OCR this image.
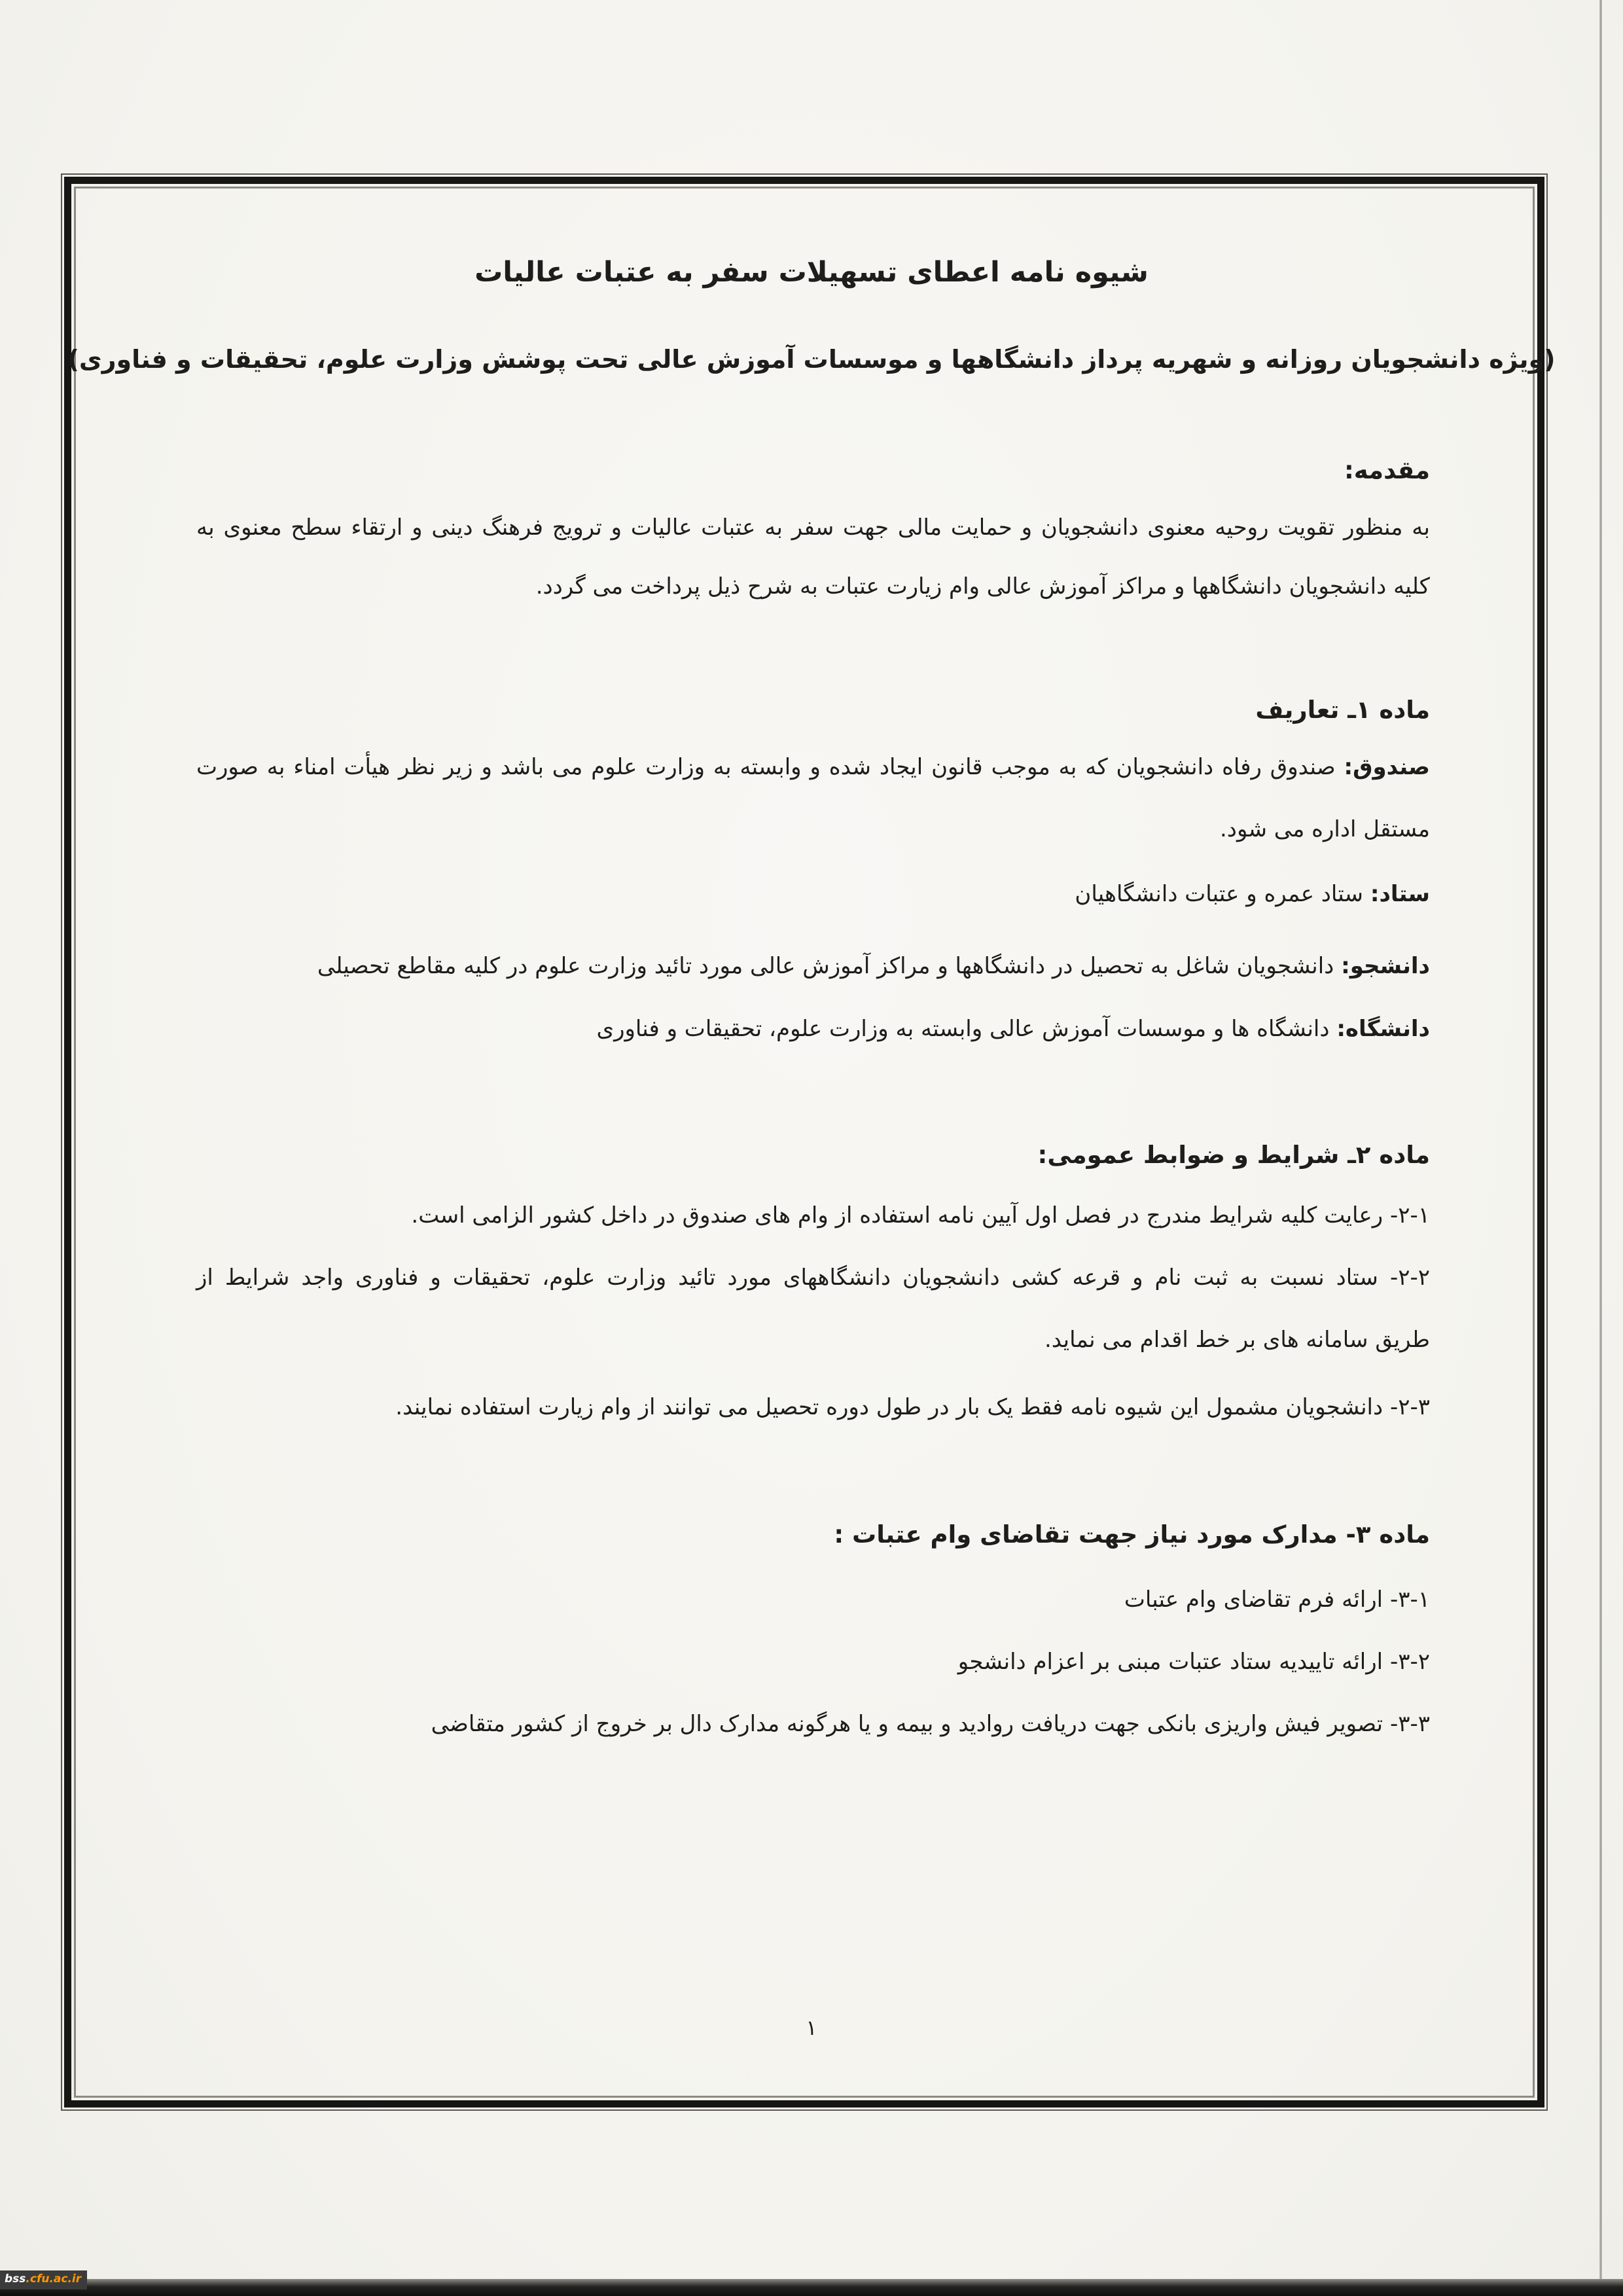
شیوه نامه اعطای تسهیلات سفر به عتبات عالیات
(ویژه دانشجویان روزانه و شهریه پرداز دانشگاهها و موسسات آموزش عالی تحت پوشش وزارت علوم، تحقیقات و فناوری)
مقدمه:
به منظور تقویت روحیه معنوی دانشجویان و حمایت مالی جهت سفر به عتبات عالیات و ترویج فرهنگ دینی و ارتقاء سطح معنوی به
کلیه دانشجویان دانشگاهها و مراکز آموزش عالی وام زیارت عتبات به شرح ذیل پرداخت می گردد.
ماده ۱ـ تعاریف
صندوق: صندوق رفاه دانشجویان که به موجب قانون ایجاد شده و وابسته به وزارت علوم می باشد و زیر نظر هیأت امناء به صورت
مستقل اداره می شود.
ستاد: ستاد عمره و عتبات دانشگاهیان
دانشجو: دانشجویان شاغل به تحصیل در دانشگاهها و مراکز آموزش عالی مورد تائید وزارت علوم در کلیه مقاطع تحصیلی
دانشگاه: دانشگاه ها و موسسات آموزش عالی وابسته به وزارت علوم، تحقیقات و فناوری
ماده ۲ـ شرایط و ضوابط عمومی:
۱-۲- رعایت کلیه شرایط مندرج در فصل اول آیین نامه استفاده از وام های صندوق در داخل کشور الزامی است.
۲-۲- ستاد نسبت به ثبت نام و قرعه کشی دانشجویان دانشگاههای مورد تائید وزارت علوم، تحقیقات و فناوری واجد شرایط از
طریق سامانه های بر خط اقدام می نماید.
۳-۲- دانشجویان مشمول این شیوه نامه فقط یک بار در طول دوره تحصیل می توانند از وام زیارت استفاده نمایند.
ماده ۳- مدارک مورد نیاز جهت تقاضای وام عتبات :
۱-۳- ارائه فرم تقاضای وام عتبات
۲-۳- ارائه تاییدیه ستاد عتبات مبنی بر اعزام دانشجو
۳-۳- تصویر فیش واریزی بانکی جهت دریافت روادید و بیمه و یا هرگونه مدارک دال بر خروج از کشور متقاضی
۱
bss.cfu.ac.ir
